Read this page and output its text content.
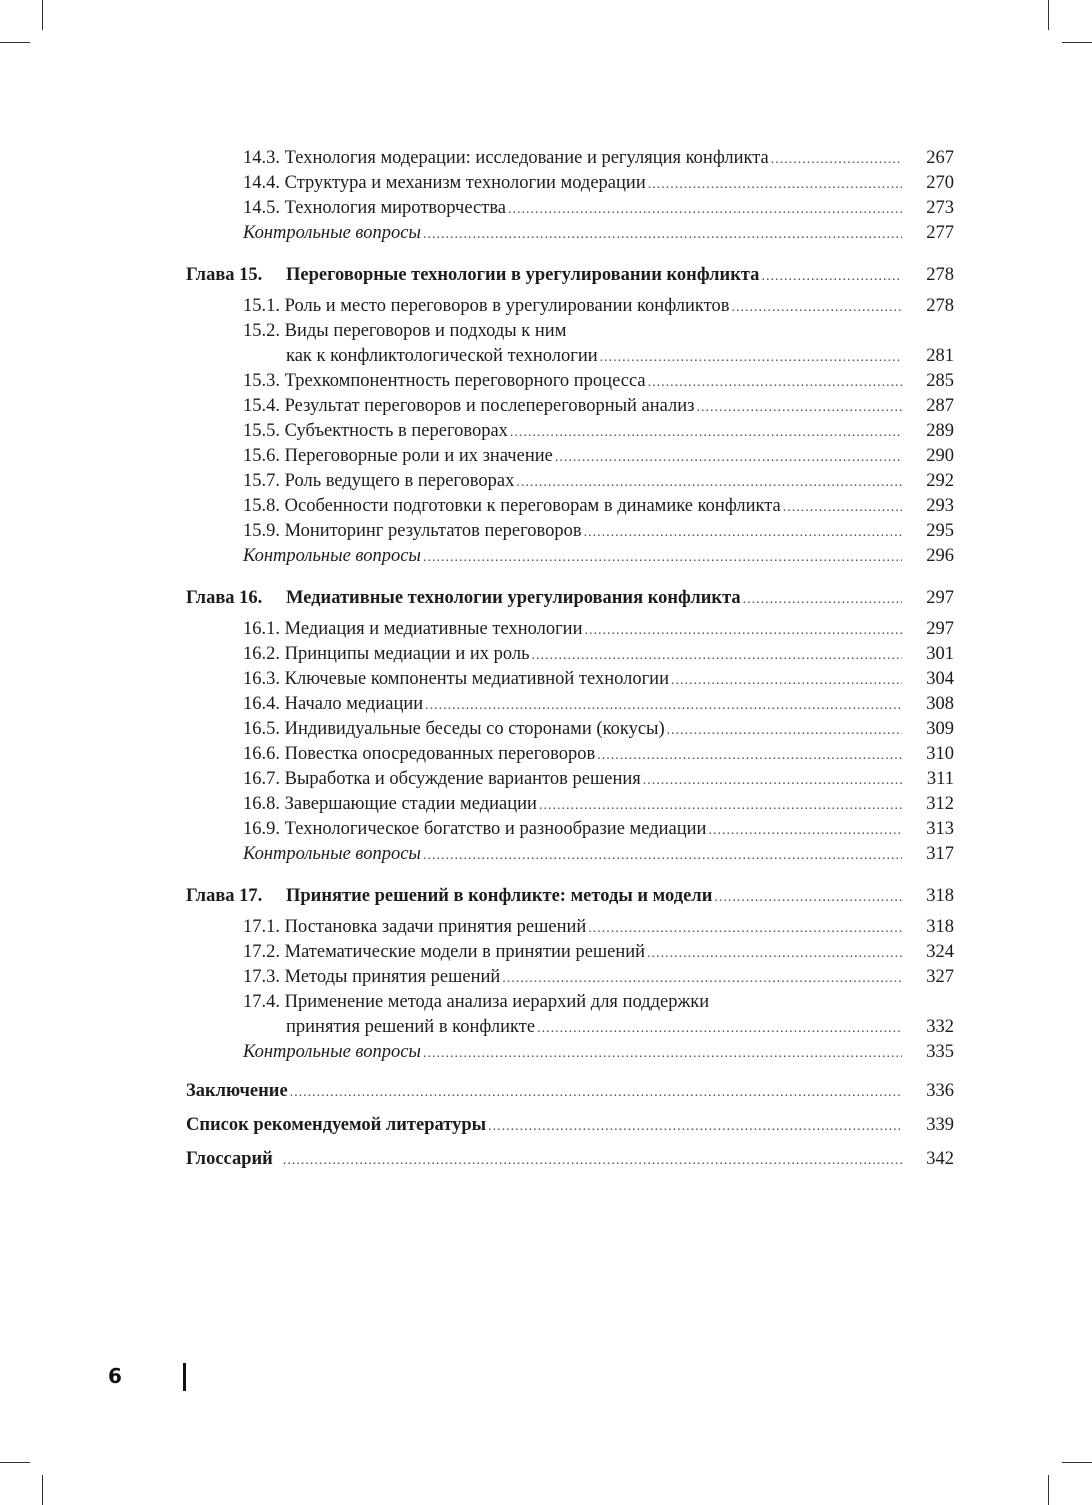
14.3. Технология модерации: исследование и регуляция конфликта .....	267
14.4. Структура и механизм технологии модерации .....	270
14.5. Технология миротворчества .....	273
Контрольные вопросы .....	277
Глава 15. Переговорные технологии в урегулировании конфликта .....	278
15.1. Роль и место переговоров в урегулировании конфликтов .....	278
15.2. Виды переговоров и подходы к ним
как к конфликтологической технологии .....	281
15.3. Трехкомпонентность переговорного процесса .....	285
15.4. Результат переговоров и послепереговорный анализ .....	287
15.5. Субъектность в переговорах .....	289
15.6. Переговорные роли и их значение .....	290
15.7. Роль ведущего в переговорах .....	292
15.8. Особенности подготовки к переговорам в динамике конфликта .....	293
15.9. Мониторинг результатов переговоров .....	295
Контрольные вопросы .....	296
Глава 16. Медиативные технологии урегулирования конфликта .....	297
16.1. Медиация и медиативные технологии .....	297
16.2. Принципы медиации и их роль .....	301
16.3. Ключевые компоненты медиативной технологии .....	304
16.4. Начало медиации .....	308
16.5. Индивидуальные беседы со сторонами (кокусы) .....	309
16.6. Повестка опосредованных переговоров .....	310
16.7. Выработка и обсуждение вариантов решения .....	311
16.8. Завершающие стадии медиации .....	312
16.9. Технологическое богатство и разнообразие медиации .....	313
Контрольные вопросы .....	317
Глава 17. Принятие решений в конфликте: методы и модели .....	318
17.1. Постановка задачи принятия решений .....	318
17.2. Математические модели в принятии решений .....	324
17.3. Методы принятия решений .....	327
17.4. Применение метода анализа иерархий для поддержки
принятия решений в конфликте .....	332
Контрольные вопросы .....	335
Заключение .....	336
Список рекомендуемой литературы .....	339
Глоссарий .....	342
6
